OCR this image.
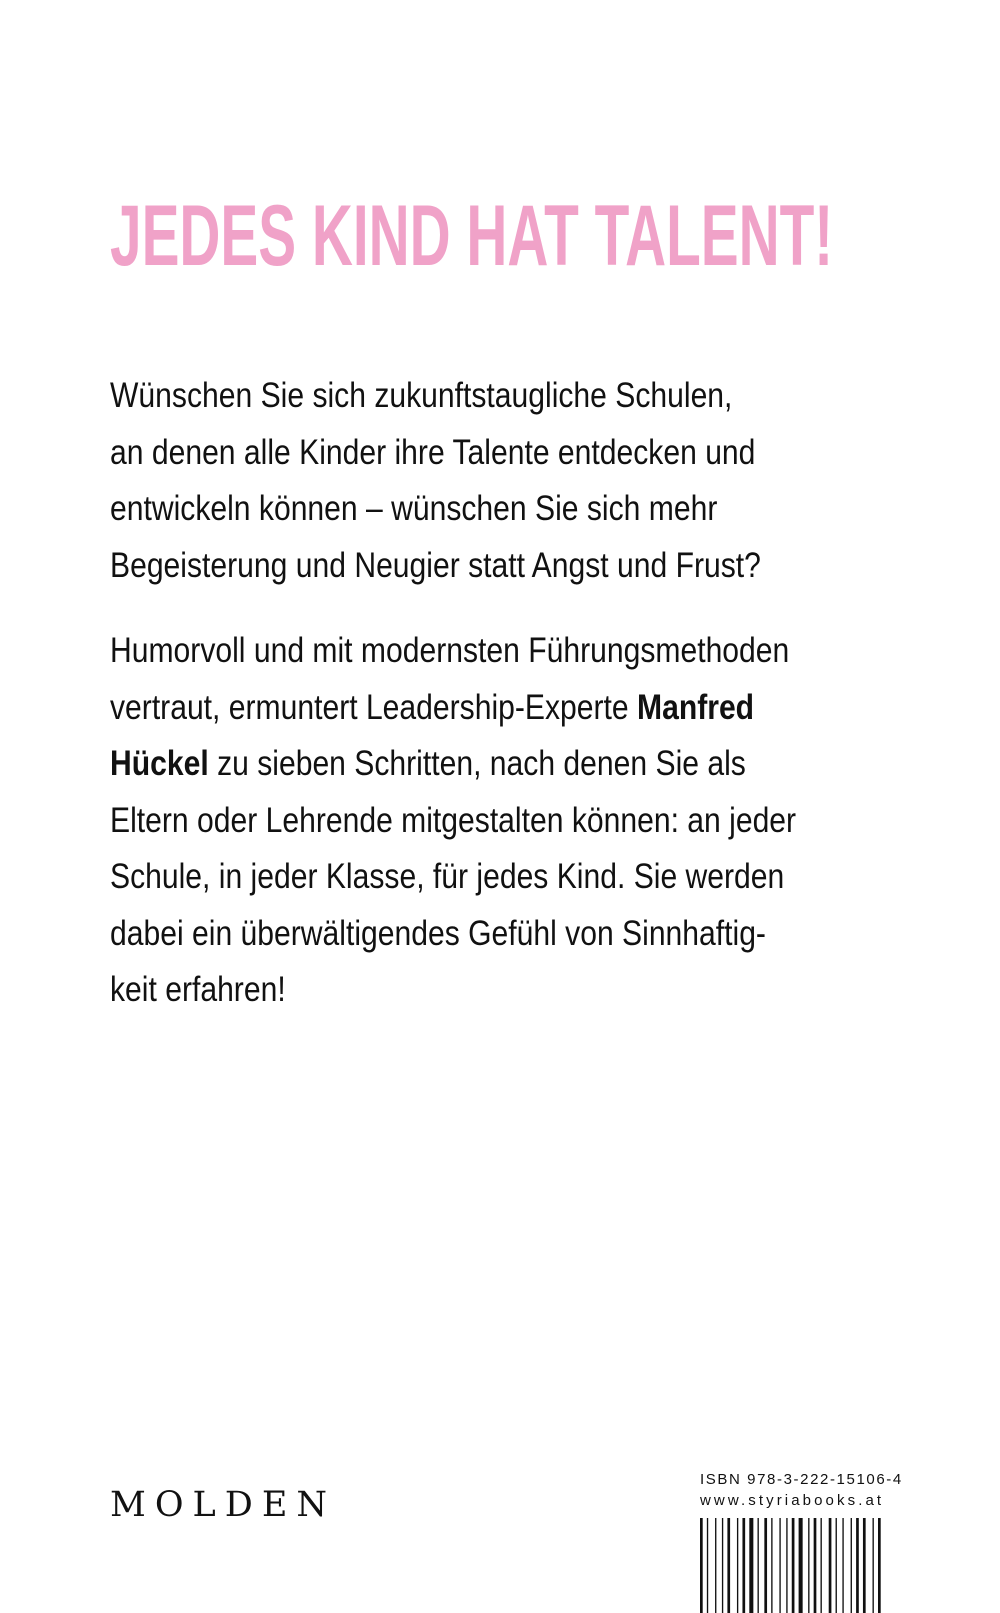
JEDES KIND HAT TALENT!

Wünschen Sie sich zukunftstaugliche Schulen,
an denen alle Kinder ihre Talente entdecken und
entwickeln können – wünschen Sie sich mehr
Begeisterung und Neugier statt Angst und Frust?

Humorvoll und mit modernsten Führungsmethoden
vertraut, ermuntert Leadership-Experte Manfred
Hückel zu sieben Schritten, nach denen Sie als
Eltern oder Lehrende mitgestalten können: an jeder
Schule, in jeder Klasse, für jedes Kind. Sie werden
dabei ein überwältigendes Gefühl von Sinnhaftig-
keit erfahren!

MOLDEN
ISBN 978-3-222-15106-4
www.styriabooks.at
